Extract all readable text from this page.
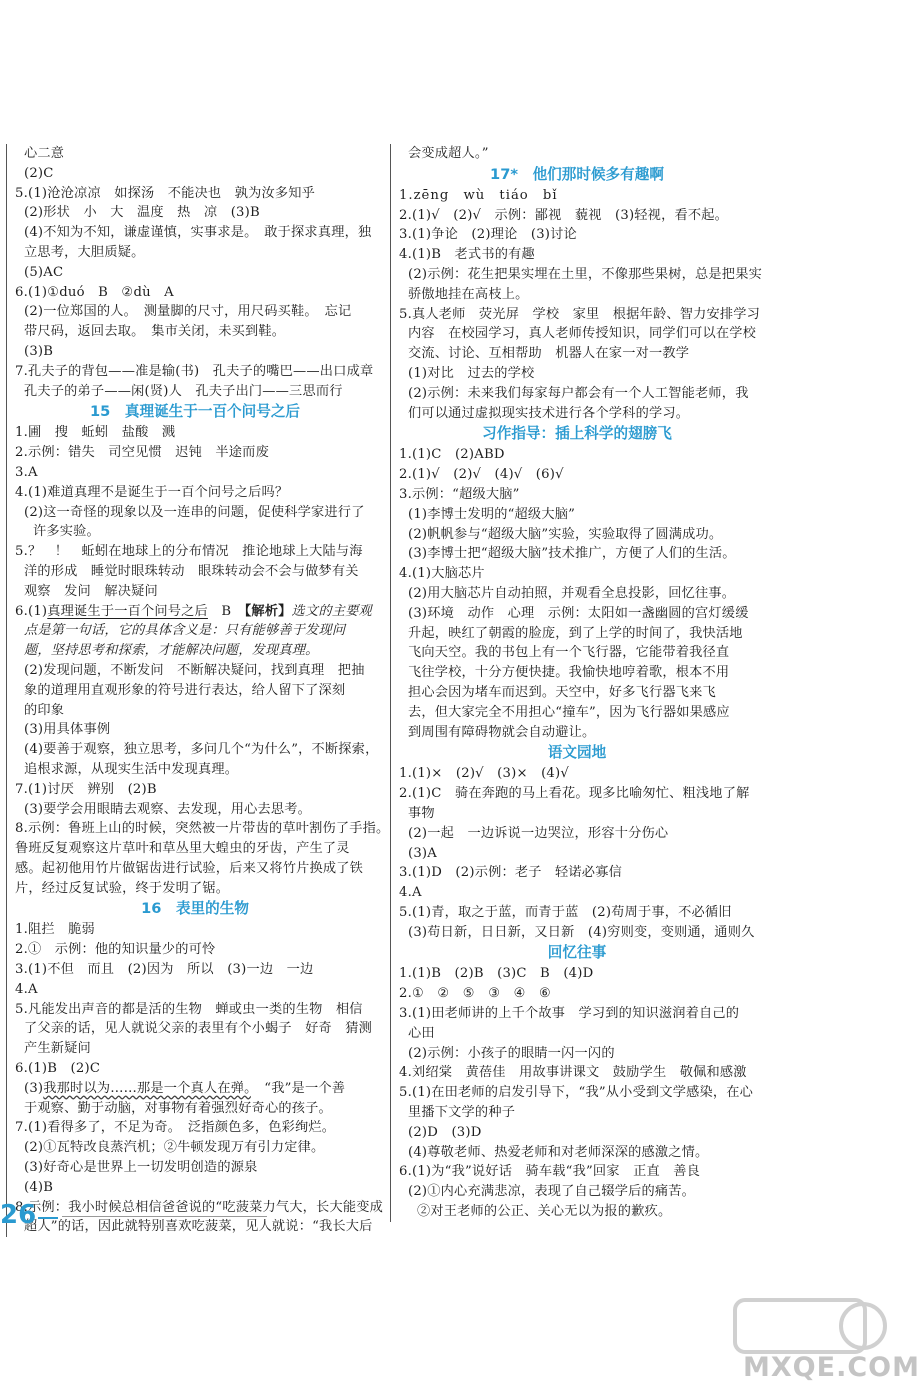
心二意
(2)C
5.(1)沧沧凉凉　如探汤　不能决也　孰为汝多知乎
(2)形状　小　大　温度　热　凉　(3)B
(4)不知为不知，谦虚谨慎，实事求是。　敢于探求真理，独
立思考，大胆质疑。
(5)AC
6.(1)①duó　B　②dù　A
(2)一位郑国的人。　测量脚的尺寸，用尺码买鞋。　忘记
带尺码，返回去取。　集市关闭，未买到鞋。
(3)B
7.孔夫子的背包——准是输(书)　孔夫子的嘴巴——出口成章
孔夫子的弟子——闲(贤)人　孔夫子出门——三思而行
15　真理诞生于一百个问号之后
1.圃　搜　蚯蚓　盐酸　溅
2.示例：错失　司空见惯　迟钝　半途而废
3.A
4.(1)难道真理不是诞生于一百个问号之后吗？
(2)这一奇怪的现象以及一连串的问题，促使科学家进行了
许多实验。
5.？　！　蚯蚓在地球上的分布情况　推论地球上大陆与海
洋的形成　睡觉时眼珠转动　眼珠转动会不会与做梦有关
观察　发问　解决疑问
6.(1)真理诞生于一百个问号之后　 B　【解析】选文的主要观
点是第一句话，它的具体含义是：只有能够善于发现问
题，坚持思考和探索，才能解决问题，发现真理。
(2)发现问题，不断发问　不断解决疑问，找到真理　把抽
象的道理用直观形象的符号进行表达，给人留下了深刻
的印象
(3)用具体事例
(4)要善于观察，独立思考，多问几个“为什么”，不断探索，
追根求源，从现实生活中发现真理。
7.(1)讨厌　辨别　(2)B
(3)要学会用眼睛去观察、去发现，用心去思考。
8.示例：鲁班上山的时候，突然被一片带齿的草叶割伤了手指。
鲁班反复观察这片草叶和草丛里大蝗虫的牙齿，产生了灵
感。起初他用竹片做锯齿进行试验，后来又将竹片换成了铁
片，经过反复试验，终于发明了锯。
16　表里的生物
1.阻拦　脆弱
2.①　示例：他的知识量少的可怜
3.(1)不但　而且　(2)因为　所以　(3)一边　一边
4.A
5.凡能发出声音的都是活的生物　蝉或虫一类的生物　相信
了父亲的话，见人就说父亲的表里有个小蝎子　好奇　猜测
产生新疑问
6.(1)B　(2)C
(3)我那时以为……那是一个真人在弹。　 “我”是一个善
于观察、勤于动脑，对事物有着强烈好奇心的孩子。
7.(1)看得多了，不足为奇。　泛指颜色多，色彩绚烂。
(2)①瓦特改良蒸汽机；②牛顿发现万有引力定律。
(3)好奇心是世界上一切发明创造的源泉
(4)B
8.示例：我小时候总相信爸爸说的“吃菠菜力气大，长大能变成
超人”的话，因此就特别喜欢吃菠菜，见人就说：“我长大后
会变成超人。”
17*　他们那时候多有趣啊
1.zēng　wù　tiáo　bǐ
2.(1)√　(2)√　示例：鄙视　藐视　(3)轻视，看不起。
3.(1)争论　(2)理论　(3)讨论
4.(1)B　老式书的有趣
(2)示例：花生把果实埋在土里，不像那些果树，总是把果实
骄傲地挂在高枝上。
5.真人老师　荧光屏　学校　家里　根据年龄、智力安排学习
内容　在校园学习，真人老师传授知识，同学们可以在学校
交流、讨论、互相帮助　机器人在家一对一教学
(1)对比　过去的学校
(2)示例：未来我们每家每户都会有一个人工智能老师，我
们可以通过虚拟现实技术进行各个学科的学习。
习作指导：插上科学的翅膀飞
1.(1)C　(2)ABD
2.(1)√　(2)√　(4)√　(6)√
3.示例：“超级大脑”
(1)李博士发明的“超级大脑”
(2)帆帆参与“超级大脑”实验，实验取得了圆满成功。
(3)李博士把“超级大脑”技术推广，方便了人们的生活。
4.(1)大脑芯片
(2)用大脑芯片自动拍照，并观看全息投影，回忆往事。
(3)环境　动作　心理　示例：太阳如一盏幽圆的宫灯缓缓
升起，映红了朝霞的脸庞，到了上学的时间了，我快活地
飞向天空。我的书包上有一个飞行器，它能带着我径直
飞往学校，十分方便快捷。我愉快地哼着歌，根本不用
担心会因为堵车而迟到。天空中，好多飞行器飞来飞
去，但大家完全不用担心“撞车”，因为飞行器如果感应
到周围有障碍物就会自动避让。
语文园地
1.(1)×　(2)√　(3)×　(4)√
2.(1)C　骑在奔跑的马上看花。现多比喻匆忙、粗浅地了解
事物
(2)一起　一边诉说一边哭泣，形容十分伤心
(3)A
3.(1)D　(2)示例：老子　轻诺必寡信
4.A
5.(1)青，取之于蓝，而青于蓝　(2)苟周于事，不必循旧
(3)苟日新，日日新，又日新　(4)穷则变，变则通，通则久
回忆往事
1.(1)B　(2)B　(3)C　B　(4)D
2.①　②　⑤　③　④　⑥
3.(1)田老师讲的上千个故事　学习到的知识滋润着自己的
心田
(2)示例：小孩子的眼睛一闪一闪的
4.刘绍棠　黄蓓佳　用故事讲课文　鼓励学生　敬佩和感激
5.(1)在田老师的启发引导下，“我”从小受到文学感染，在心
里播下文学的种子
(2)D　(3)D
(4)尊敬老师、热爱老师和对老师深深的感激之情。
6.(1)为“我”说好话　骑车载“我”回家　正直　善良
(2)①内心充满悲凉，表现了自己辍学后的痛苦。
②对王老师的公正、关心无以为报的歉疚。
26
MXQE.COM
